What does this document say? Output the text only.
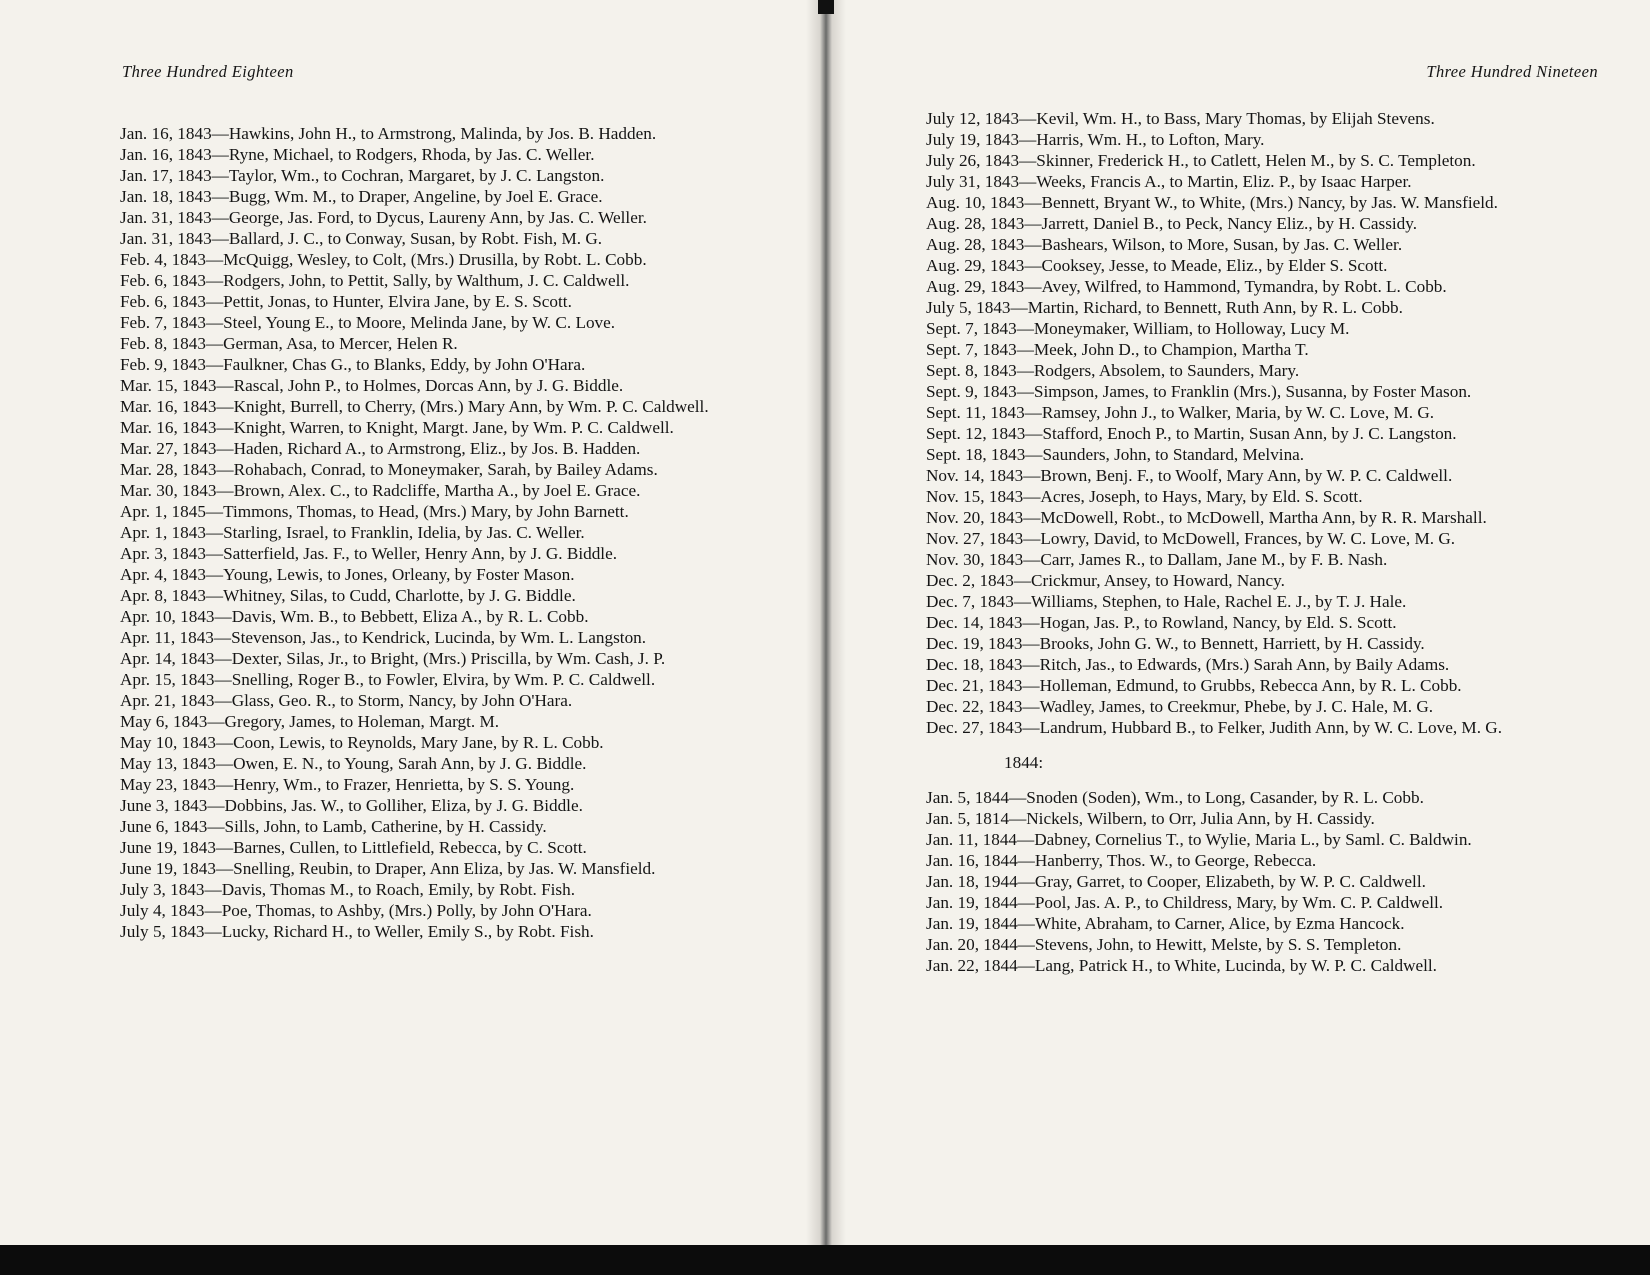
Three Hundred Eighteen
Jan. 16, 1843—Hawkins, John H., to Armstrong, Malinda, by Jos. B. Hadden.
Jan. 16, 1843—Ryne, Michael, to Rodgers, Rhoda, by Jas. C. Weller.
Jan. 17, 1843—Taylor, Wm., to Cochran, Margaret, by J. C. Langston.
Jan. 18, 1843—Bugg, Wm. M., to Draper, Angeline, by Joel E. Grace.
Jan. 31, 1843—George, Jas. Ford, to Dycus, Laureny Ann, by Jas. C. Weller.
Jan. 31, 1843—Ballard, J. C., to Conway, Susan, by Robt. Fish, M. G.
Feb. 4, 1843—McQuigg, Wesley, to Colt, (Mrs.) Drusilla, by Robt. L. Cobb.
Feb. 6, 1843—Rodgers, John, to Pettit, Sally, by Walthum, J. C. Caldwell.
Feb. 6, 1843—Pettit, Jonas, to Hunter, Elvira Jane, by E. S. Scott.
Feb. 7, 1843—Steel, Young E., to Moore, Melinda Jane, by W. C. Love.
Feb. 8, 1843—German, Asa, to Mercer, Helen R.
Feb. 9, 1843—Faulkner, Chas G., to Blanks, Eddy, by John O'Hara.
Mar. 15, 1843—Rascal, John P., to Holmes, Dorcas Ann, by J. G. Biddle.
Mar. 16, 1843—Knight, Burrell, to Cherry, (Mrs.) Mary Ann, by Wm. P. C. Caldwell.
Mar. 16, 1843—Knight, Warren, to Knight, Margt. Jane, by Wm. P. C. Caldwell.
Mar. 27, 1843—Haden, Richard A., to Armstrong, Eliz., by Jos. B. Hadden.
Mar. 28, 1843—Rohabach, Conrad, to Moneymaker, Sarah, by Bailey Adams.
Mar. 30, 1843—Brown, Alex. C., to Radcliffe, Martha A., by Joel E. Grace.
Apr. 1, 1845—Timmons, Thomas, to Head, (Mrs.) Mary, by John Barnett.
Apr. 1, 1843—Starling, Israel, to Franklin, Idelia, by Jas. C. Weller.
Apr. 3, 1843—Satterfield, Jas. F., to Weller, Henry Ann, by J. G. Biddle.
Apr. 4, 1843—Young, Lewis, to Jones, Orleany, by Foster Mason.
Apr. 8, 1843—Whitney, Silas, to Cudd, Charlotte, by J. G. Biddle.
Apr. 10, 1843—Davis, Wm. B., to Bebbett, Eliza A., by R. L. Cobb.
Apr. 11, 1843—Stevenson, Jas., to Kendrick, Lucinda, by Wm. L. Langston.
Apr. 14, 1843—Dexter, Silas, Jr., to Bright, (Mrs.) Priscilla, by Wm. Cash, J. P.
Apr. 15, 1843—Snelling, Roger B., to Fowler, Elvira, by Wm. P. C. Caldwell.
Apr. 21, 1843—Glass, Geo. R., to Storm, Nancy, by John O'Hara.
May 6, 1843—Gregory, James, to Holeman, Margt. M.
May 10, 1843—Coon, Lewis, to Reynolds, Mary Jane, by R. L. Cobb.
May 13, 1843—Owen, E. N., to Young, Sarah Ann, by J. G. Biddle.
May 23, 1843—Henry, Wm., to Frazer, Henrietta, by S. S. Young.
June 3, 1843—Dobbins, Jas. W., to Golliher, Eliza, by J. G. Biddle.
June 6, 1843—Sills, John, to Lamb, Catherine, by H. Cassidy.
June 19, 1843—Barnes, Cullen, to Littlefield, Rebecca, by C. Scott.
June 19, 1843—Snelling, Reubin, to Draper, Ann Eliza, by Jas. W. Mansfield.
July 3, 1843—Davis, Thomas M., to Roach, Emily, by Robt. Fish.
July 4, 1843—Poe, Thomas, to Ashby, (Mrs.) Polly, by John O'Hara.
July 5, 1843—Lucky, Richard H., to Weller, Emily S., by Robt. Fish.
Three Hundred Nineteen
July 12, 1843—Kevil, Wm. H., to Bass, Mary Thomas, by Elijah Stevens.
July 19, 1843—Harris, Wm. H., to Lofton, Mary.
July 26, 1843—Skinner, Frederick H., to Catlett, Helen M., by S. C. Templeton.
July 31, 1843—Weeks, Francis A., to Martin, Eliz. P., by Isaac Harper.
Aug. 10, 1843—Bennett, Bryant W., to White, (Mrs.) Nancy, by Jas. W. Mansfield.
Aug. 28, 1843—Jarrett, Daniel B., to Peck, Nancy Eliz., by H. Cassidy.
Aug. 28, 1843—Bashears, Wilson, to More, Susan, by Jas. C. Weller.
Aug. 29, 1843—Cooksey, Jesse, to Meade, Eliz., by Elder S. Scott.
Aug. 29, 1843—Avey, Wilfred, to Hammond, Tymandra, by Robt. L. Cobb.
July 5, 1843—Martin, Richard, to Bennett, Ruth Ann, by R. L. Cobb.
Sept. 7, 1843—Moneymaker, William, to Holloway, Lucy M.
Sept. 7, 1843—Meek, John D., to Champion, Martha T.
Sept. 8, 1843—Rodgers, Absolem, to Saunders, Mary.
Sept. 9, 1843—Simpson, James, to Franklin (Mrs.), Susanna, by Foster Mason.
Sept. 11, 1843—Ramsey, John J., to Walker, Maria, by W. C. Love, M. G.
Sept. 12, 1843—Stafford, Enoch P., to Martin, Susan Ann, by J. C. Langston.
Sept. 18, 1843—Saunders, John, to Standard, Melvina.
Nov. 14, 1843—Brown, Benj. F., to Woolf, Mary Ann, by W. P. C. Caldwell.
Nov. 15, 1843—Acres, Joseph, to Hays, Mary, by Eld. S. Scott.
Nov. 20, 1843—McDowell, Robt., to McDowell, Martha Ann, by R. R. Marshall.
Nov. 27, 1843—Lowry, David, to McDowell, Frances, by W. C. Love, M. G.
Nov. 30, 1843—Carr, James R., to Dallam, Jane M., by F. B. Nash.
Dec. 2, 1843—Crickmur, Ansey, to Howard, Nancy.
Dec. 7, 1843—Williams, Stephen, to Hale, Rachel E. J., by T. J. Hale.
Dec. 14, 1843—Hogan, Jas. P., to Rowland, Nancy, by Eld. S. Scott.
Dec. 19, 1843—Brooks, John G. W., to Bennett, Harriett, by H. Cassidy.
Dec. 18, 1843—Ritch, Jas., to Edwards, (Mrs.) Sarah Ann, by Baily Adams.
Dec. 21, 1843—Holleman, Edmund, to Grubbs, Rebecca Ann, by R. L. Cobb.
Dec. 22, 1843—Wadley, James, to Creekmur, Phebe, by J. C. Hale, M. G.
Dec. 27, 1843—Landrum, Hubbard B., to Felker, Judith Ann, by W. C. Love, M. G.
1844:
Jan. 5, 1844—Snoden (Soden), Wm., to Long, Casander, by R. L. Cobb.
Jan. 5, 1814—Nickels, Wilbern, to Orr, Julia Ann, by H. Cassidy.
Jan. 11, 1844—Dabney, Cornelius T., to Wylie, Maria L., by Saml. C. Baldwin.
Jan. 16, 1844—Hanberry, Thos. W., to George, Rebecca.
Jan. 18, 1944—Gray, Garret, to Cooper, Elizabeth, by W. P. C. Caldwell.
Jan. 19, 1844—Pool, Jas. A. P., to Childress, Mary, by Wm. C. P. Caldwell.
Jan. 19, 1844—White, Abraham, to Carner, Alice, by Ezma Hancock.
Jan. 20, 1844—Stevens, John, to Hewitt, Melste, by S. S. Templeton.
Jan. 22, 1844—Lang, Patrick H., to White, Lucinda, by W. P. C. Caldwell.
